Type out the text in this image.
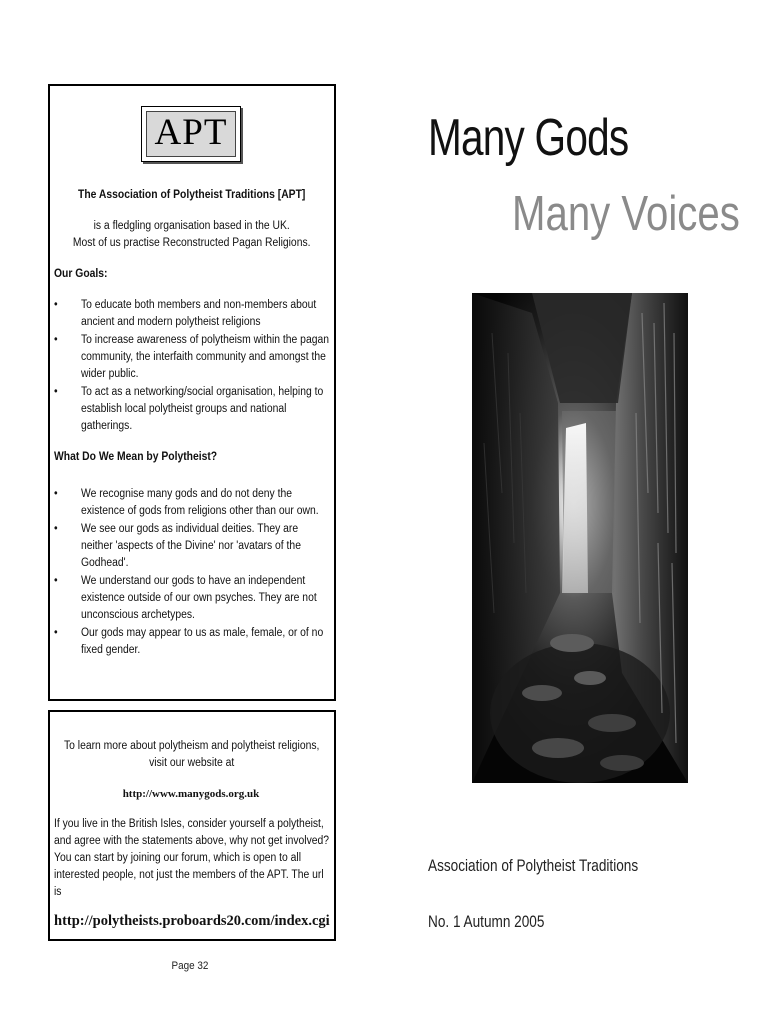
APT
The Association of Polytheist Traditions [APT]
is a fledgling organisation based in the UK.
Most of us practise Reconstructed Pagan Religions.
Our Goals:
• To educate both members and non-members about ancient and modern polytheist religions
• To increase awareness of polytheism within the pagan community, the interfaith community and amongst the wider public.
• To act as a networking/social organisation, helping to establish local polytheist groups and national gatherings.
What Do We Mean by Polytheist?
• We recognise many gods and do not deny the existence of gods from religions other than our own.
• We see our gods as individual deities. They are neither 'aspects of the Divine' nor 'avatars of the Godhead'.
• We understand our gods to have an independent existence outside of our own psyches. They are not unconscious archetypes.
• Our gods may appear to us as male, female, or of no fixed gender.
To learn more about polytheism and polytheist religions,
visit our website at
http://www.manygods.org.uk
If you live in the British Isles, consider yourself a polytheist, and agree with the statements above, why not get involved? You can start by joining our forum, which is open to all interested people, not just the members of the APT. The url is
http://polytheists.proboards20.com/index.cgi
Page 32
Many Gods
Many Voices
Association of Polytheist Traditions
No. 1 Autumn 2005
